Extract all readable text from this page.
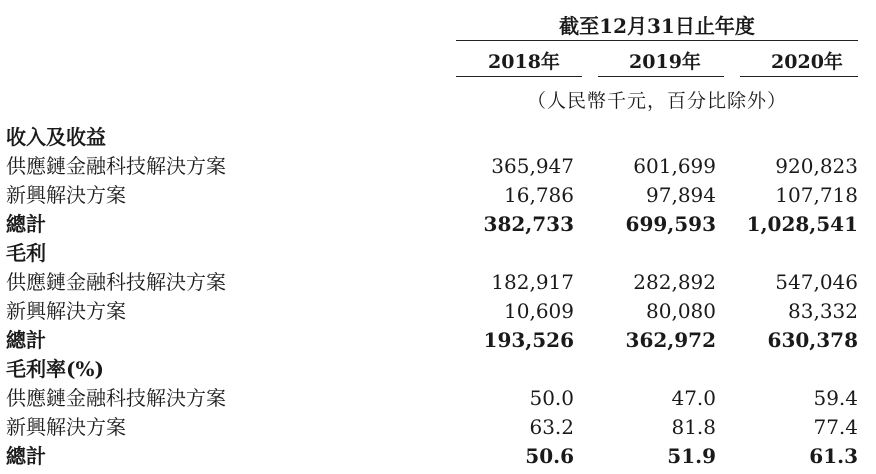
截至12月31日止年度
2018年	2019年	2020年
（人民幣千元，百分比除外）
收入及收益
供應鏈金融科技解決方案	365,947	601,699	920,823
新興解決方案	16,786	97,894	107,718
總計	382,733	699,593	1,028,541
毛利
供應鏈金融科技解決方案	182,917	282,892	547,046
新興解決方案	10,609	80,080	83,332
總計	193,526	362,972	630,378
毛利率(%)
供應鏈金融科技解決方案	50.0	47.0	59.4
新興解決方案	63.2	81.8	77.4
總計	50.6	51.9	61.3
